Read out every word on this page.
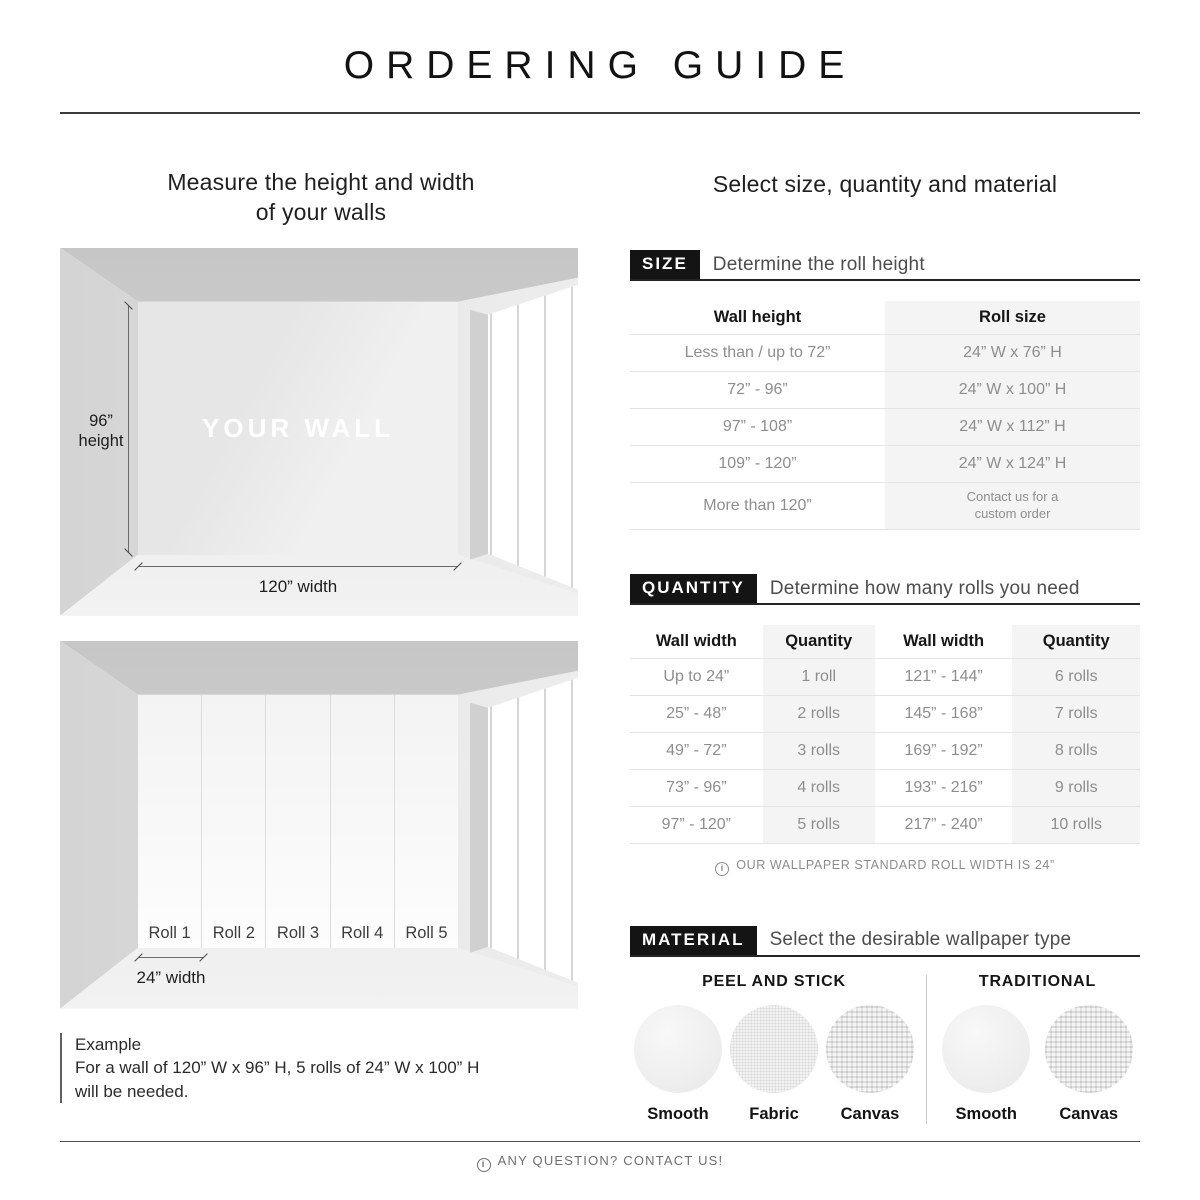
ORDERING GUIDE
Measure the height and width
of your walls
YOUR WALL
96”
height
120” width
Roll 1	Roll 2	Roll 3	Roll 4	Roll 5
24” width
Example
For a wall of 120” W x 96” H, 5 rolls of 24” W x 100” H
will be needed.
Select size, quantity and material
SIZE	Determine the roll height
Wall height	Roll size
Less than / up to 72”	24” W x 76” H
72” - 96”	24” W x 100” H
97” - 108”	24” W x 112” H
109” - 120”	24” W x 124” H
More than 120”	Contact us for a custom order
QUANTITY	Determine how many rolls you need
Wall width	Quantity	Wall width	Quantity
Up to 24”	1 roll	121” - 144”	6 rolls
25” - 48”	2 rolls	145” - 168”	7 rolls
49” - 72”	3 rolls	169” - 192”	8 rolls
73” - 96”	4 rolls	193” - 216”	9 rolls
97” - 120”	5 rolls	217” - 240”	10 rolls
i OUR WALLPAPER STANDARD ROLL WIDTH IS 24”
MATERIAL	Select the desirable wallpaper type
PEEL AND STICK
Smooth	Fabric	Canvas
TRADITIONAL
Smooth	Canvas
i ANY QUESTION? CONTACT US!
